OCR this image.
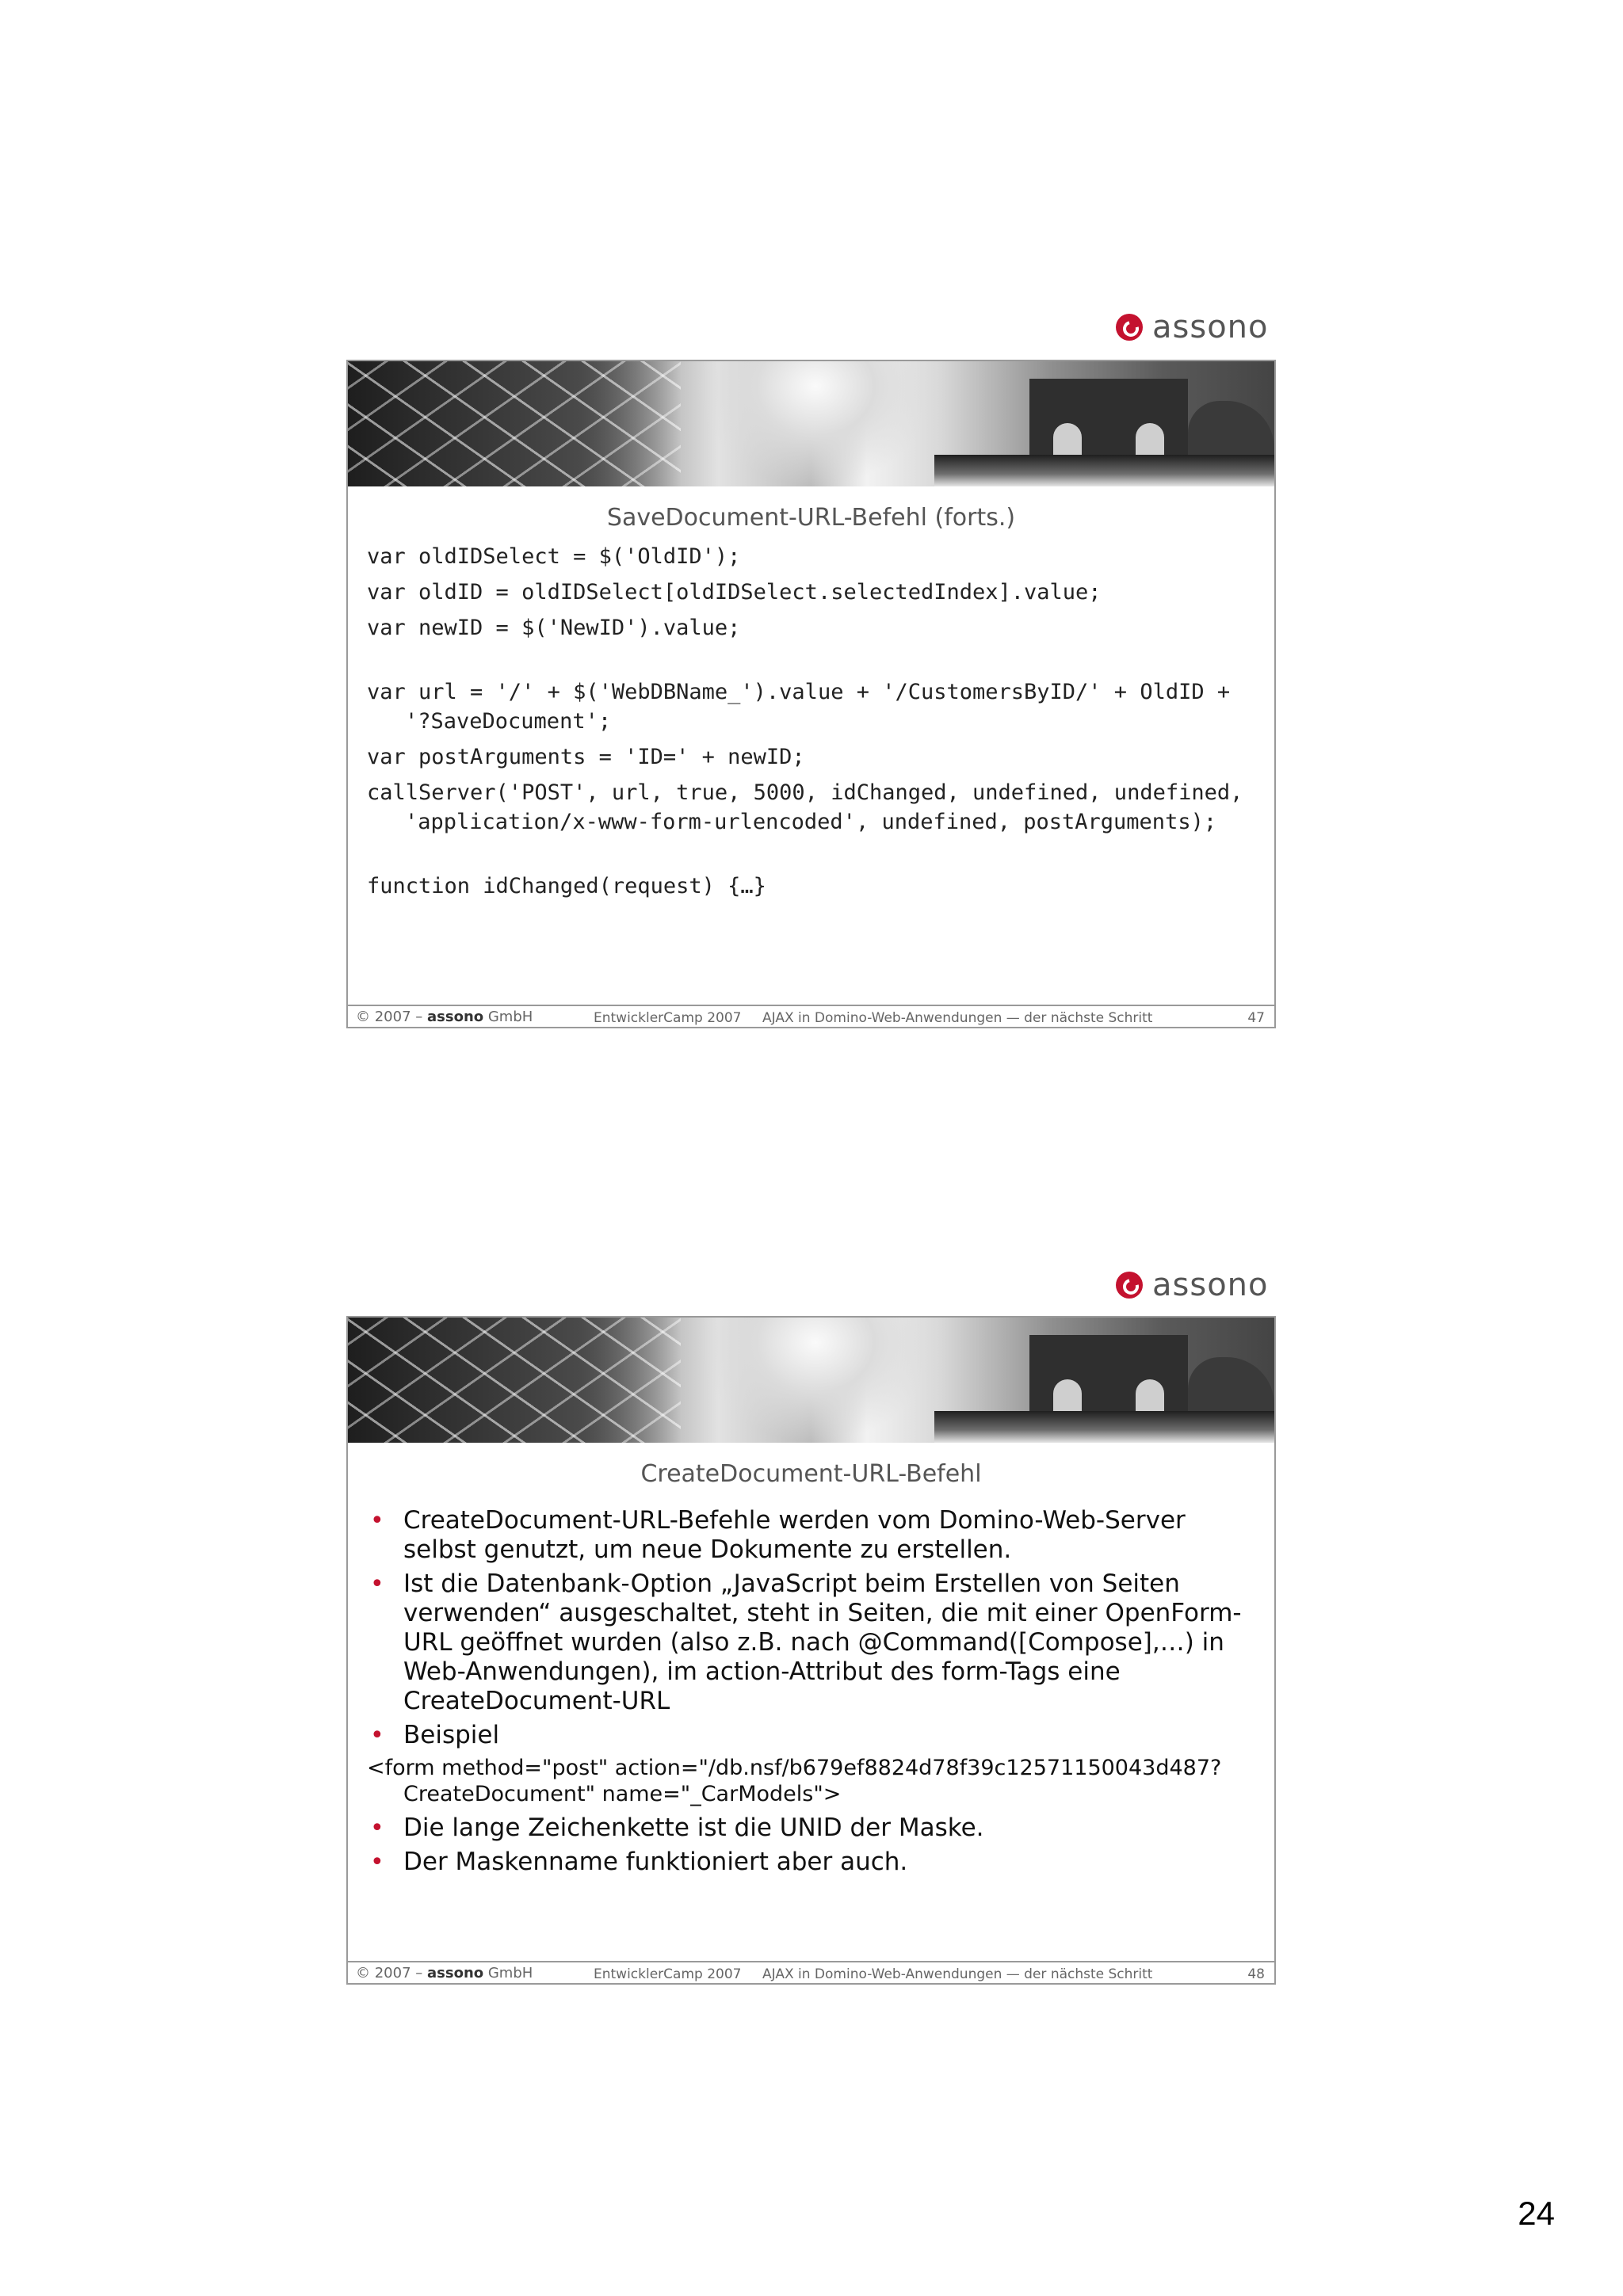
assono
SaveDocument-URL-Befehl (forts.)
var oldIDSelect = $('OldID');
var oldID = oldIDSelect[oldIDSelect.selectedIndex].value;
var newID = $('NewID').value;
var url = '/' + $('WebDBName_').value + '/CustomersByID/' + OldID + '?SaveDocument';
var postArguments = 'ID=' + newID;
callServer('POST', url, true, 5000, idChanged, undefined, undefined, 'application/x-www-form-urlencoded', undefined, postArguments);
function idChanged(request) {…}
© 2007 – assono GmbH	EntwicklerCamp 2007 AJAX in Domino-Web-Anwendungen — der nächste Schritt	47
assono
CreateDocument-URL-Befehl
• CreateDocument-URL-Befehle werden vom Domino-Web-Server selbst genutzt, um neue Dokumente zu erstellen.
• Ist die Datenbank-Option „JavaScript beim Erstellen von Seiten verwenden“ ausgeschaltet, steht in Seiten, die mit einer OpenForm-URL geöffnet wurden (also z.B. nach @Command([Compose],…) in Web-Anwendungen), im action-Attribut des form-Tags eine CreateDocument-URL
• Beispiel
<form method="post" action="/db.nsf/b679ef8824d78f39c12571150043d487?CreateDocument" name="_CarModels">
• Die lange Zeichenkette ist die UNID der Maske.
• Der Maskenname funktioniert aber auch.
© 2007 – assono GmbH	EntwicklerCamp 2007 AJAX in Domino-Web-Anwendungen — der nächste Schritt	48
24
